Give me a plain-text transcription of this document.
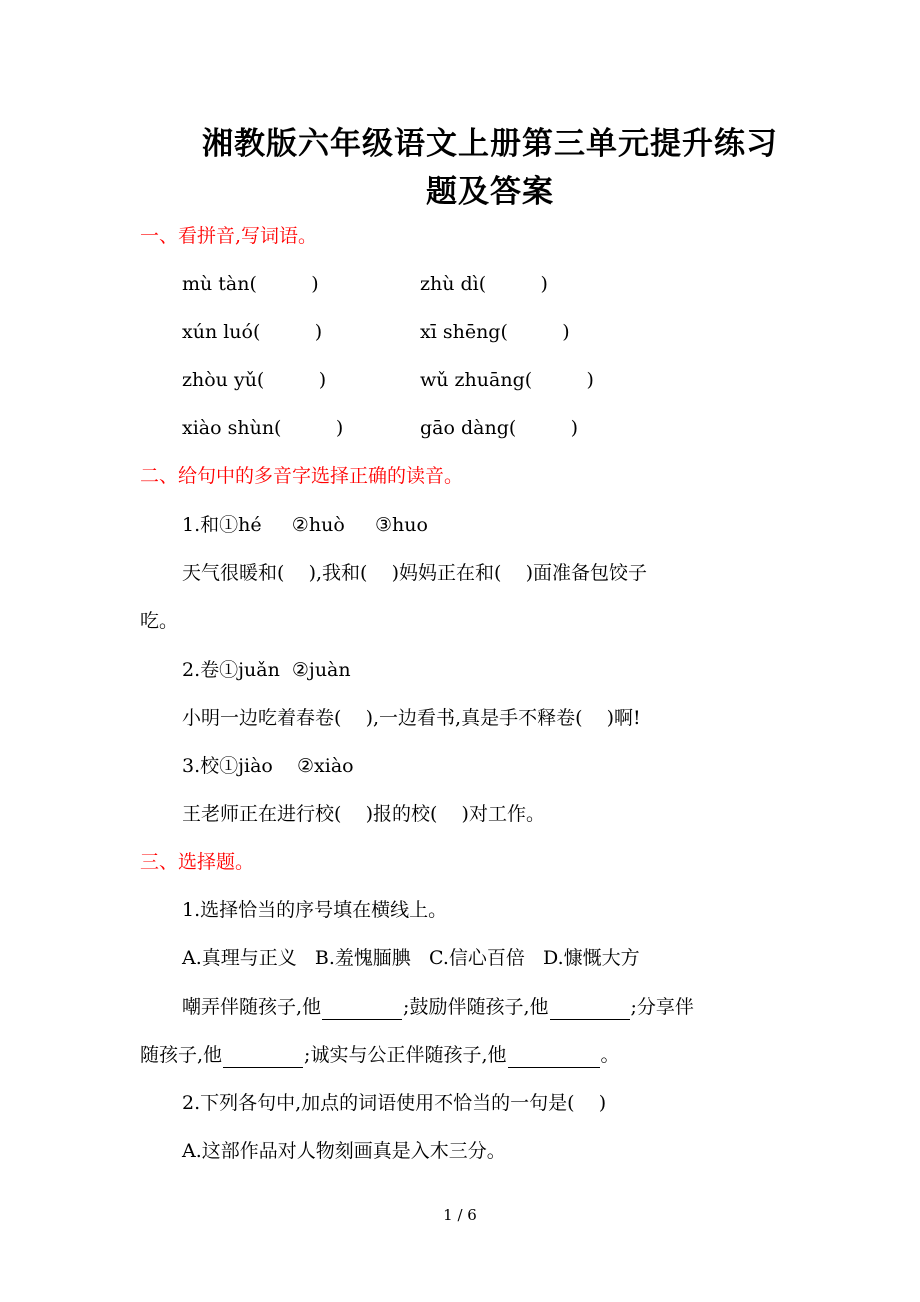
湘教版六年级语文上册第三单元提升练习
题及答案
一、看拼音,写词语。
mù tàn(         )	zhù dì(         )
xún luó(         )	xī shēng(         )
zhòu yǔ(         )	wǔ zhuāng(         )
xiào shùn(         )	gāo dàng(         )
二、给句中的多音字选择正确的读音。
1.和①hé     ②huò     ③huo
天气很暖和(    ),我和(    )妈妈正在和(    )面准备包饺子
吃。
2.卷①juǎn  ②juàn
小明一边吃着春卷(    ),一边看书,真是手不释卷(    )啊!
3.校①jiào    ②xiào
王老师正在进行校(    )报的校(    )对工作。
三、选择题。
1.选择恰当的序号填在横线上。
A.真理与正义   B.羞愧腼腆   C.信心百倍   D.慷慨大方
嘲弄伴随孩子,他	;鼓励伴随孩子,他	;分享伴
随孩子,他	;诚实与公正伴随孩子,他	。
2.下列各句中,加点的词语使用不恰当的一句是(    )
A.这部作品对人物刻画真是入木三分。
1 / 6
